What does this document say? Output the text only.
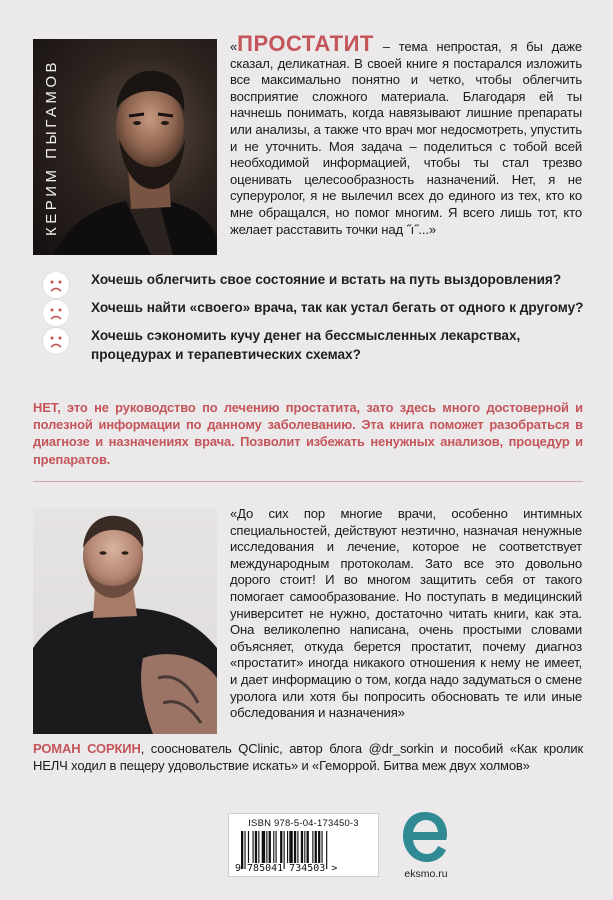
КЕРИМ ПЫГАМОВ
«ПРОСТАТИТ – тема непростая, я бы даже сказал, деликатная. В своей книге я постарался изложить все максимально понятно и четко, чтобы облегчить восприятие сложного материала. Благодаря ей ты начнешь понимать, когда навязывают лишние препараты или анализы, а также что врач мог недосмотреть, упустить и не уточнить. Моя задача – поделиться с тобой всей необходимой информацией, чтобы ты стал трезво оценивать целесообразность назначений. Нет, я не суперуролог, я не вылечил всех до единого из тех, кто ко мне обращался, но помог многим. Я всего лишь тот, кто желает расставить точки над ˝ı˝...»
Хочешь облегчить свое состояние и встать на путь выздоровления?
Хочешь найти «своего» врача, так как устал бегать от одного к другому?
Хочешь сэкономить кучу денег на бессмысленных лекарствах, процедурах и терапевтических схемах?
НЕТ, это не руководство по лечению простатита, зато здесь много достоверной и полезной информации по данному заболеванию. Эта книга поможет разобраться в диагнозе и назначениях врача. Позволит избежать ненужных анализов, процедур и препаратов.
«До сих пор многие врачи, особенно интимных специальностей, действуют неэтично, назначая ненужные исследования и лечение, которое не соответствует международным протоколам. Зато все это довольно дорого стоит! И во многом защитить себя от такого помогает самообразование. Но поступать в медицинский университет не нужно, достаточно читать книги, как эта. Она великолепно написана, очень простыми словами объясняет, откуда берется простатит, почему диагноз «простатит» иногда никакого отношения к нему не имеет, и дает информацию о том, когда надо задуматься о смене уролога или хотя бы попросить обосновать те или иные обследования и назначения»
РОМАН СОРКИН, сооснователь QClinic, автор блога @dr_sorkin и пособий «Как кролик НЕЛЧ ходил в пещеру удовольствие искать» и «Геморрой. Битва меж двух холмов»
ISBN 978-5-04-173450-3
9 785041 734503 >	eksmo.ru
